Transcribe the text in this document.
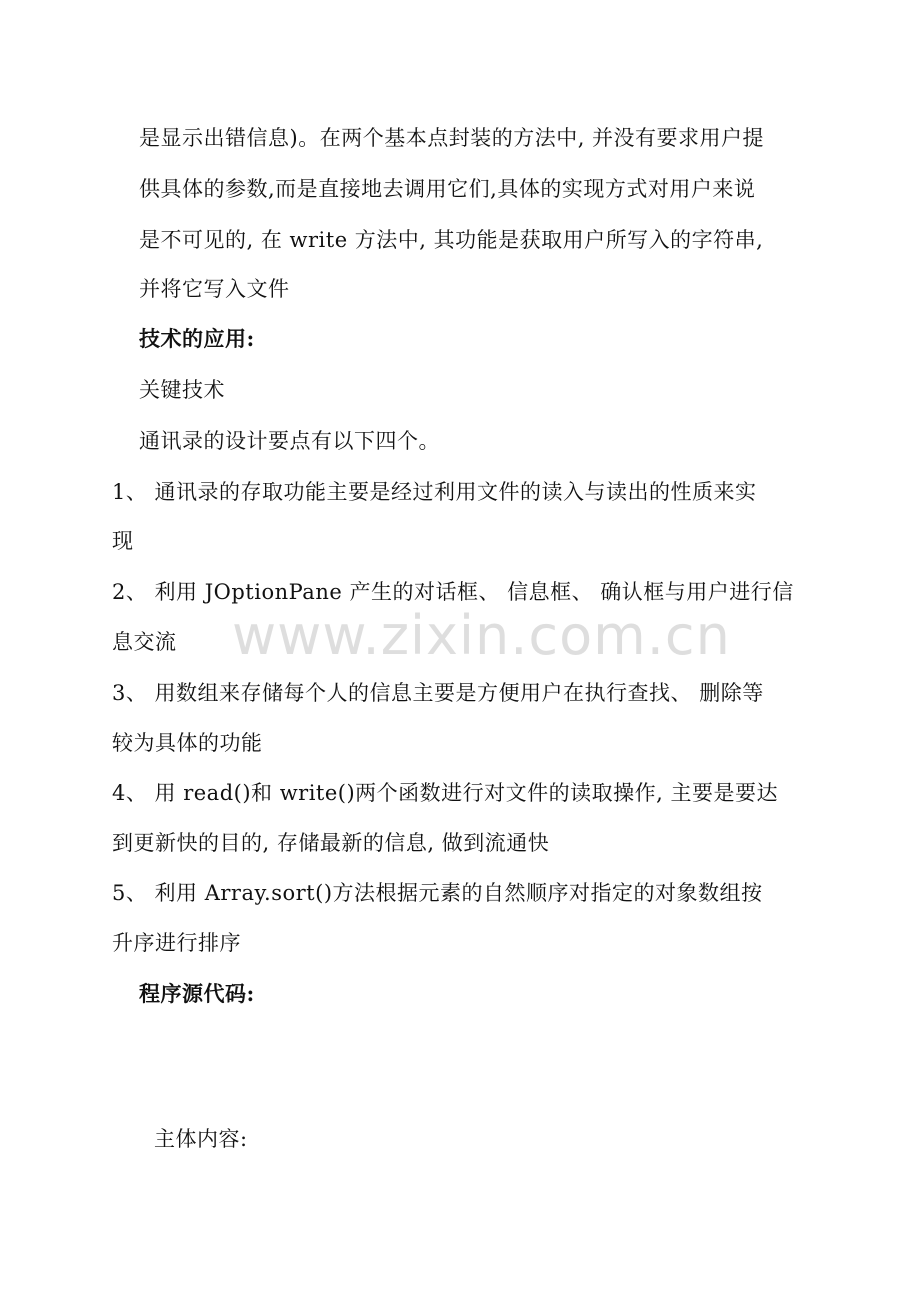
是显示出错信息)。在两个基本点封装的方法中, 并没有要求用户提
供具体的参数,而是直接地去调用它们,具体的实现方式对用户来说
是不可见的, 在 write 方法中, 其功能是获取用户所写入的字符串,
并将它写入文件
技术的应用:
关键技术
通讯录的设计要点有以下四个。
1、 通讯录的存取功能主要是经过利用文件的读入与读出的性质来实
现
2、 利用 JOptionPane 产生的对话框、 信息框、 确认框与用户进行信
息交流
3、 用数组来存储每个人的信息主要是方便用户在执行查找、 删除等
较为具体的功能
4、 用 read()和 write()两个函数进行对文件的读取操作, 主要是要达
到更新快的目的, 存储最新的信息, 做到流通快
5、 利用 Array.sort()方法根据元素的自然顺序对指定的对象数组按
升序进行排序
程序源代码:
主体内容:
www.zixin.com.cn
